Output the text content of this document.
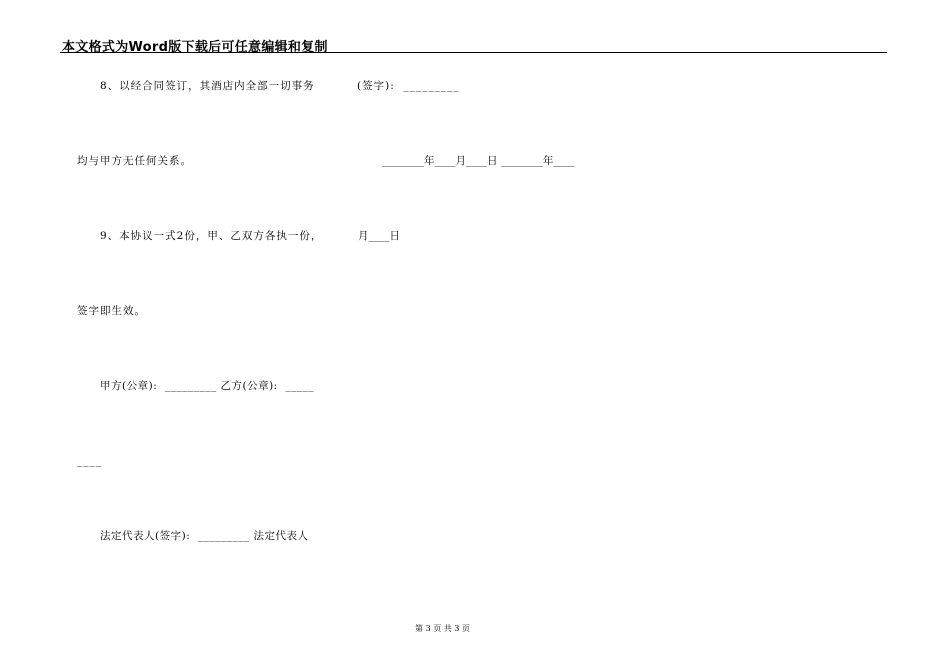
本文格式为Word版下载后可任意编辑和复制
8、以经合同签订，其酒店内全部一切事务	(签字):  _________
均与甲方无任何关系。	________年____月____日 ________年____
9、本协议一式2份，甲、乙双方各执一份，	月____日
签字即生效。
甲方(公章):  _________ 乙方(公章):  _____
____
法定代表人(签字):  _________ 法定代表人
第 3 页 共 3 页
